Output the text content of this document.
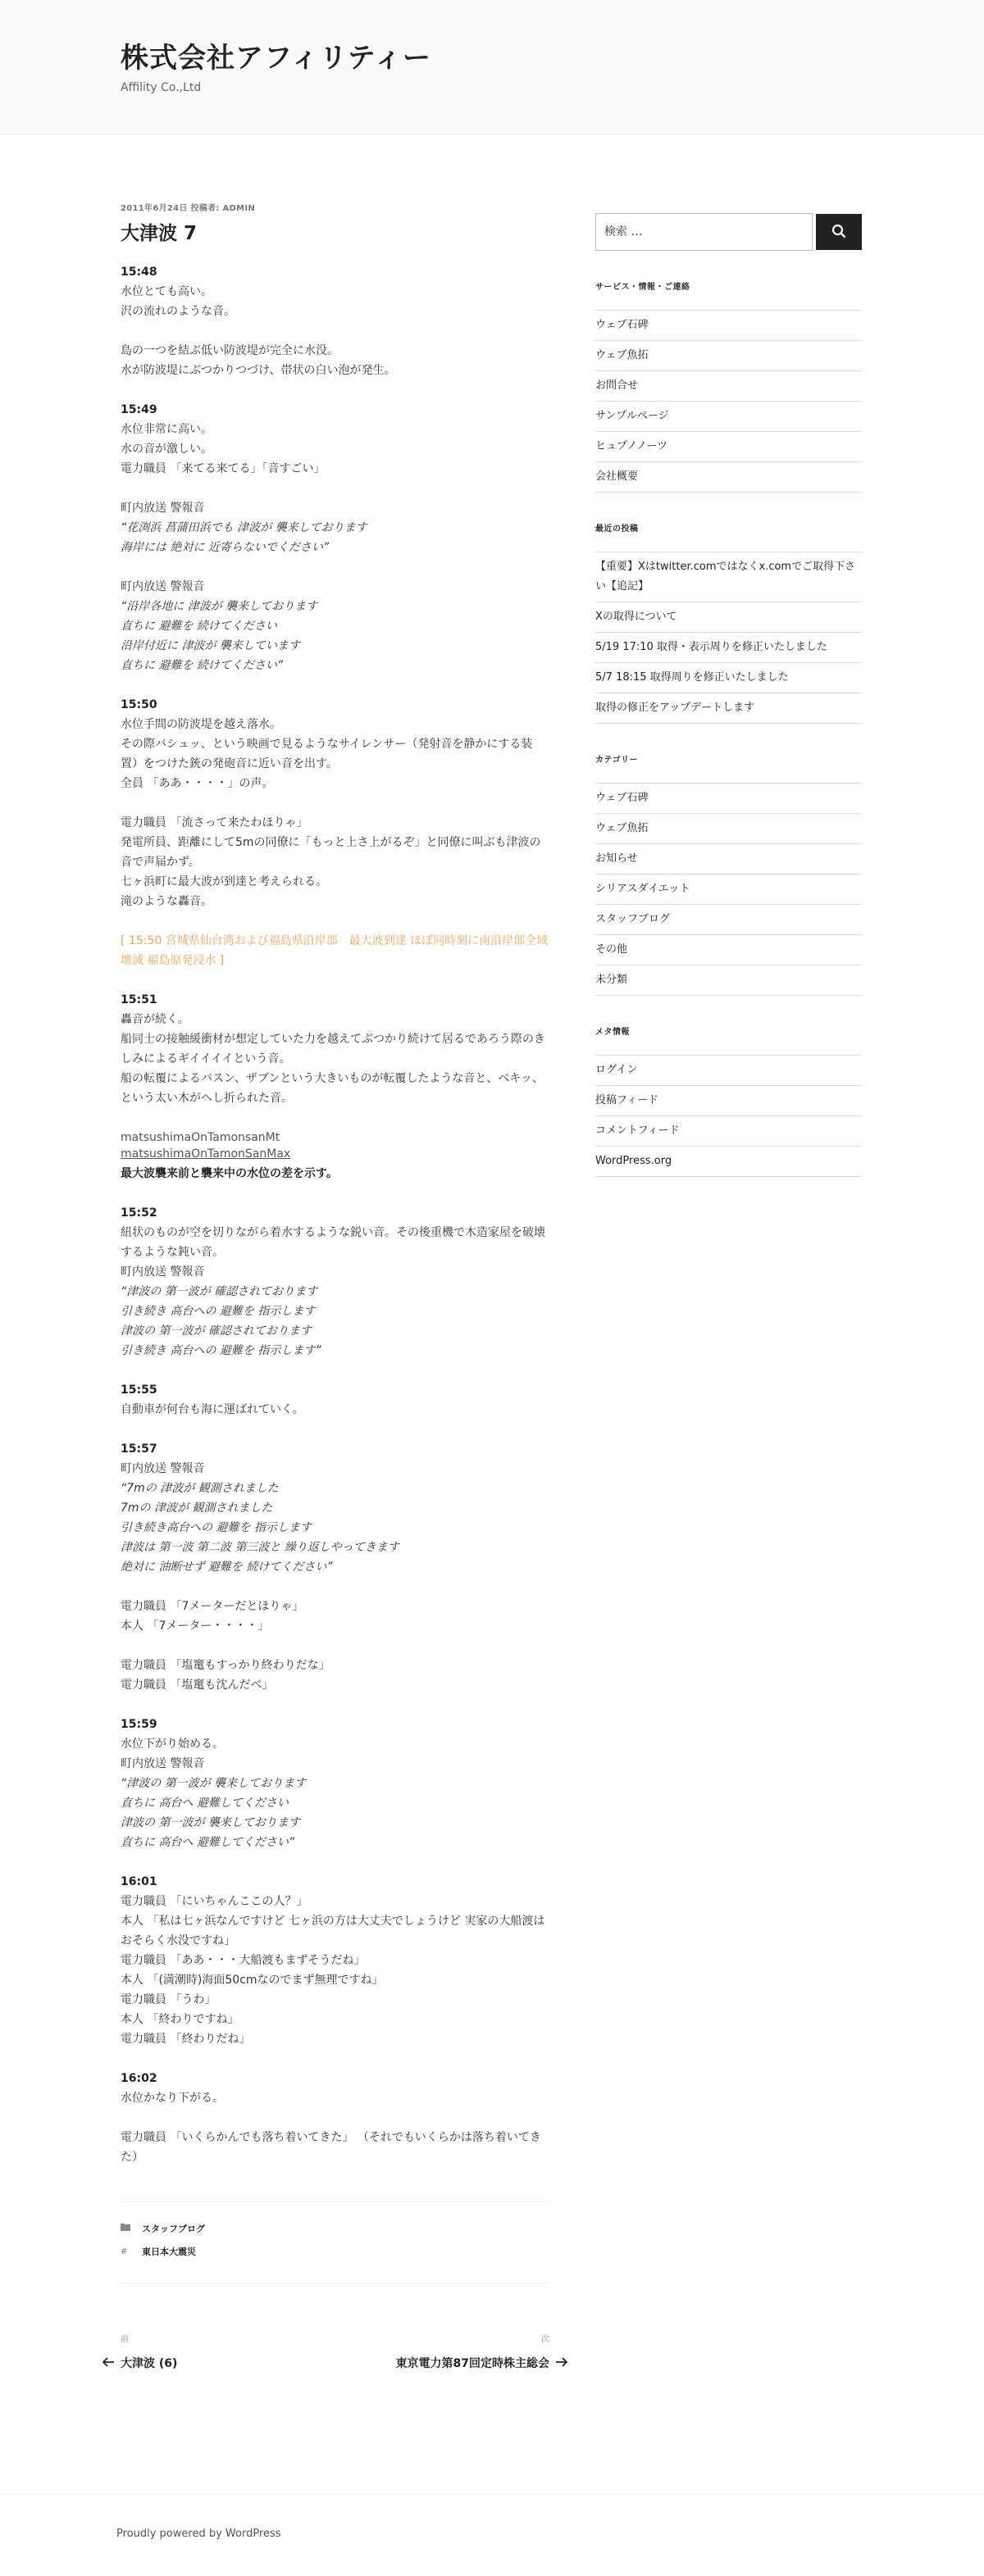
株式会社アフィリティー
Affility Co.,Ltd
2011年6月24日 投稿者: ADMIN
大津波 7
15:48
水位とても高い。
沢の流れのような音。
島の一つを結ぶ低い防波堤が完全に水没。
水が防波堤にぶつかりつづけ、帯状の白い泡が発生。
15:49
水位非常に高い。
水の音が激しい。
電力職員 「来てる来てる」「音すごい」
町内放送 警報音
“花渕浜 菖蒲田浜でも 津波が 襲来しております
海岸には 絶対に 近寄らないでください”
町内放送 警報音
“沿岸各地に 津波が 襲来しております
直ちに 避難を 続けてください
沿岸付近に 津波が 襲来しています
直ちに 避難を 続けてください”
15:50
水位手間の防波堤を越え落水。
その際バシュッ、という映画で見るようなサイレンサー（発射音を静かにする装置）をつけた銃の発砲音に近い音を出す。
全員 「ああ・・・・」の声。
電力職員 「流さって来たわほりゃ」
発電所員、距離にして5mの同僚に「もっと上さ上がるぞ」と同僚に叫ぶも津波の音で声届かず。
七ヶ浜町に最大波が到達と考えられる。
滝のような轟音。
[ 15:50 宮城県仙台湾および福島県沿岸部　最大波到達 ほぼ同時刻に南沿岸部全域壊滅 福島原発浸水 ]
15:51
轟音が続く。
船同士の接触緩衝材が想定していた力を越えてぶつかり続けて居るであろう際のきしみによるギイイイイという音。
船の転覆によるバスン、ザブンという大きいものが転覆したような音と、ベキッ、という太い木がへし折られた音。
matsushimaOnTamonsanMt
matsushimaOnTamonSanMax
最大波襲来前と襲来中の水位の差を示す。
15:52
紐状のものが空を切りながら着水するような鋭い音。その後重機で木造家屋を破壊するような鈍い音。
町内放送 警報音
“津波の 第一波が 確認されております
引き続き 高台への 避難を 指示します
津波の 第一波が 確認されております
引き続き 高台への 避難を 指示します”
15:55
自動車が何台も海に運ばれていく。
15:57
町内放送 警報音
“7mの 津波が 観測されました
7mの 津波が 観測されました
引き続き高台への 避難を 指示します
津波は 第一波 第二波 第三波と 繰り返しやってきます
絶対に 油断せず 避難を 続けてください”
電力職員 「7メーターだとほりゃ」
本人 「7メーター・・・・」
電力職員 「塩竃もすっかり終わりだな」
電力職員 「塩竃も沈んだべ」
15:59
水位下がり始める。
町内放送 警報音
“津波の 第一波が 襲来しております
直ちに 高台へ 避難してください
津波の 第一波が 襲来しております
直ちに 高台へ 避難してください”
16:01
電力職員 「にいちゃんここの人？」
本人 「私は七ヶ浜なんですけど 七ヶ浜の方は大丈夫でしょうけど 実家の大船渡はおそらく水没ですね」
電力職員 「ああ・・・大船渡もまずそうだね」
本人 「(満潮時)海面50cmなのでまず無理ですね」
電力職員 「うわ」
本人 「終わりですね」
電力職員 「終わりだね」
16:02
水位かなり下がる。
電力職員 「いくらかんでも落ち着いてきた」 （それでもいくらかは落ち着いてきた）
スタッフブログ
#	東日本大震災
前
大津波 (6)
次
東京電力第87回定時株主総会
検索 …
サービス・情報・ご連絡
ウェブ石碑
ウェブ魚拓
お問合せ
サンプルページ
ヒュプノノーツ
会社概要
最近の投稿
【重要】Xはtwitter.comではなくx.comでご取得下さい【追記】
Xの取得について
5/19 17:10 取得・表示周りを修正いたしました
5/7 18:15 取得周りを修正いたしました
取得の修正をアップデートします
カテゴリー
ウェブ石碑
ウェブ魚拓
お知らせ
シリアスダイエット
スタッフブログ
その他
未分類
メタ情報
ログイン
投稿フィード
コメントフィード
WordPress.org
Proudly powered by WordPress
